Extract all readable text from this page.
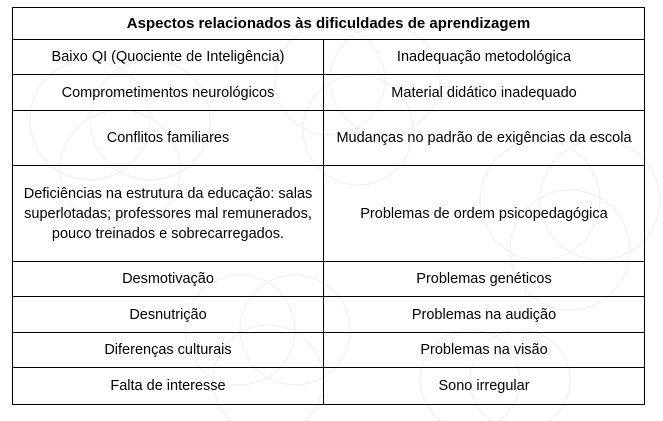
Aspectos relacionados às dificuldades de aprendizagem	
Baixo QI (Quociente de Inteligência)	Inadequação metodológica
Comprometimentos neurológicos	Material didático inadequado
Conflitos familiares	Mudanças no padrão de exigências da escola
Deficiências na estrutura da educação: salas superlotadas; professores mal remunerados, pouco treinados e sobrecarregados.	Problemas de ordem psicopedagógica
Desmotivação	Problemas genéticos
Desnutrição	Problemas na audição
Diferenças culturais	Problemas na visão
Falta de interesse	Sono irregular
